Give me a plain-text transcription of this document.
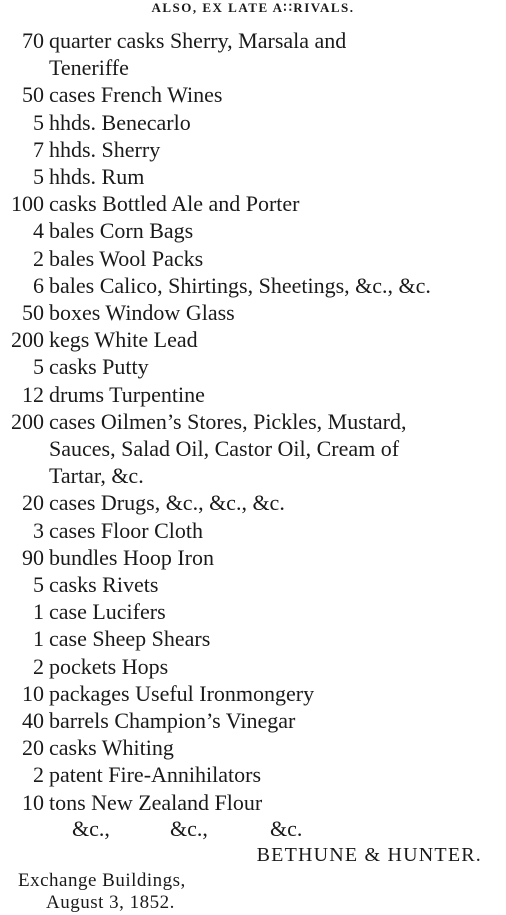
ALSO, EX LATE A∷RIVALS.
70 quarter casks Sherry, Marsala and
Teneriffe
50 cases French Wines
5 hhds. Benecarlo
7 hhds. Sherry
5 hhds. Rum
100 casks Bottled Ale and Porter
4 bales Corn Bags
2 bales Wool Packs
6 bales Calico, Shirtings, Sheetings, &c., &c.
50 boxes Window Glass
200 kegs White Lead
5 casks Putty
12 drums Turpentine
200 cases Oilmen’s Stores, Pickles, Mustard,
Sauces, Salad Oil, Castor Oil, Cream of
Tartar, &c.
20 cases Drugs, &c., &c., &c.
3 cases Floor Cloth
90 bundles Hoop Iron
5 casks Rivets
1 case Lucifers
1 case Sheep Shears
2 pockets Hops
10 packages Useful Ironmongery
40 barrels Champion’s Vinegar
20 casks Whiting
2 patent Fire-Annihilators
10 tons New Zealand Flour
&c.,	&c.,	&c.
BETHUNE & HUNTER.
Exchange Buildings,
August 3, 1852.
